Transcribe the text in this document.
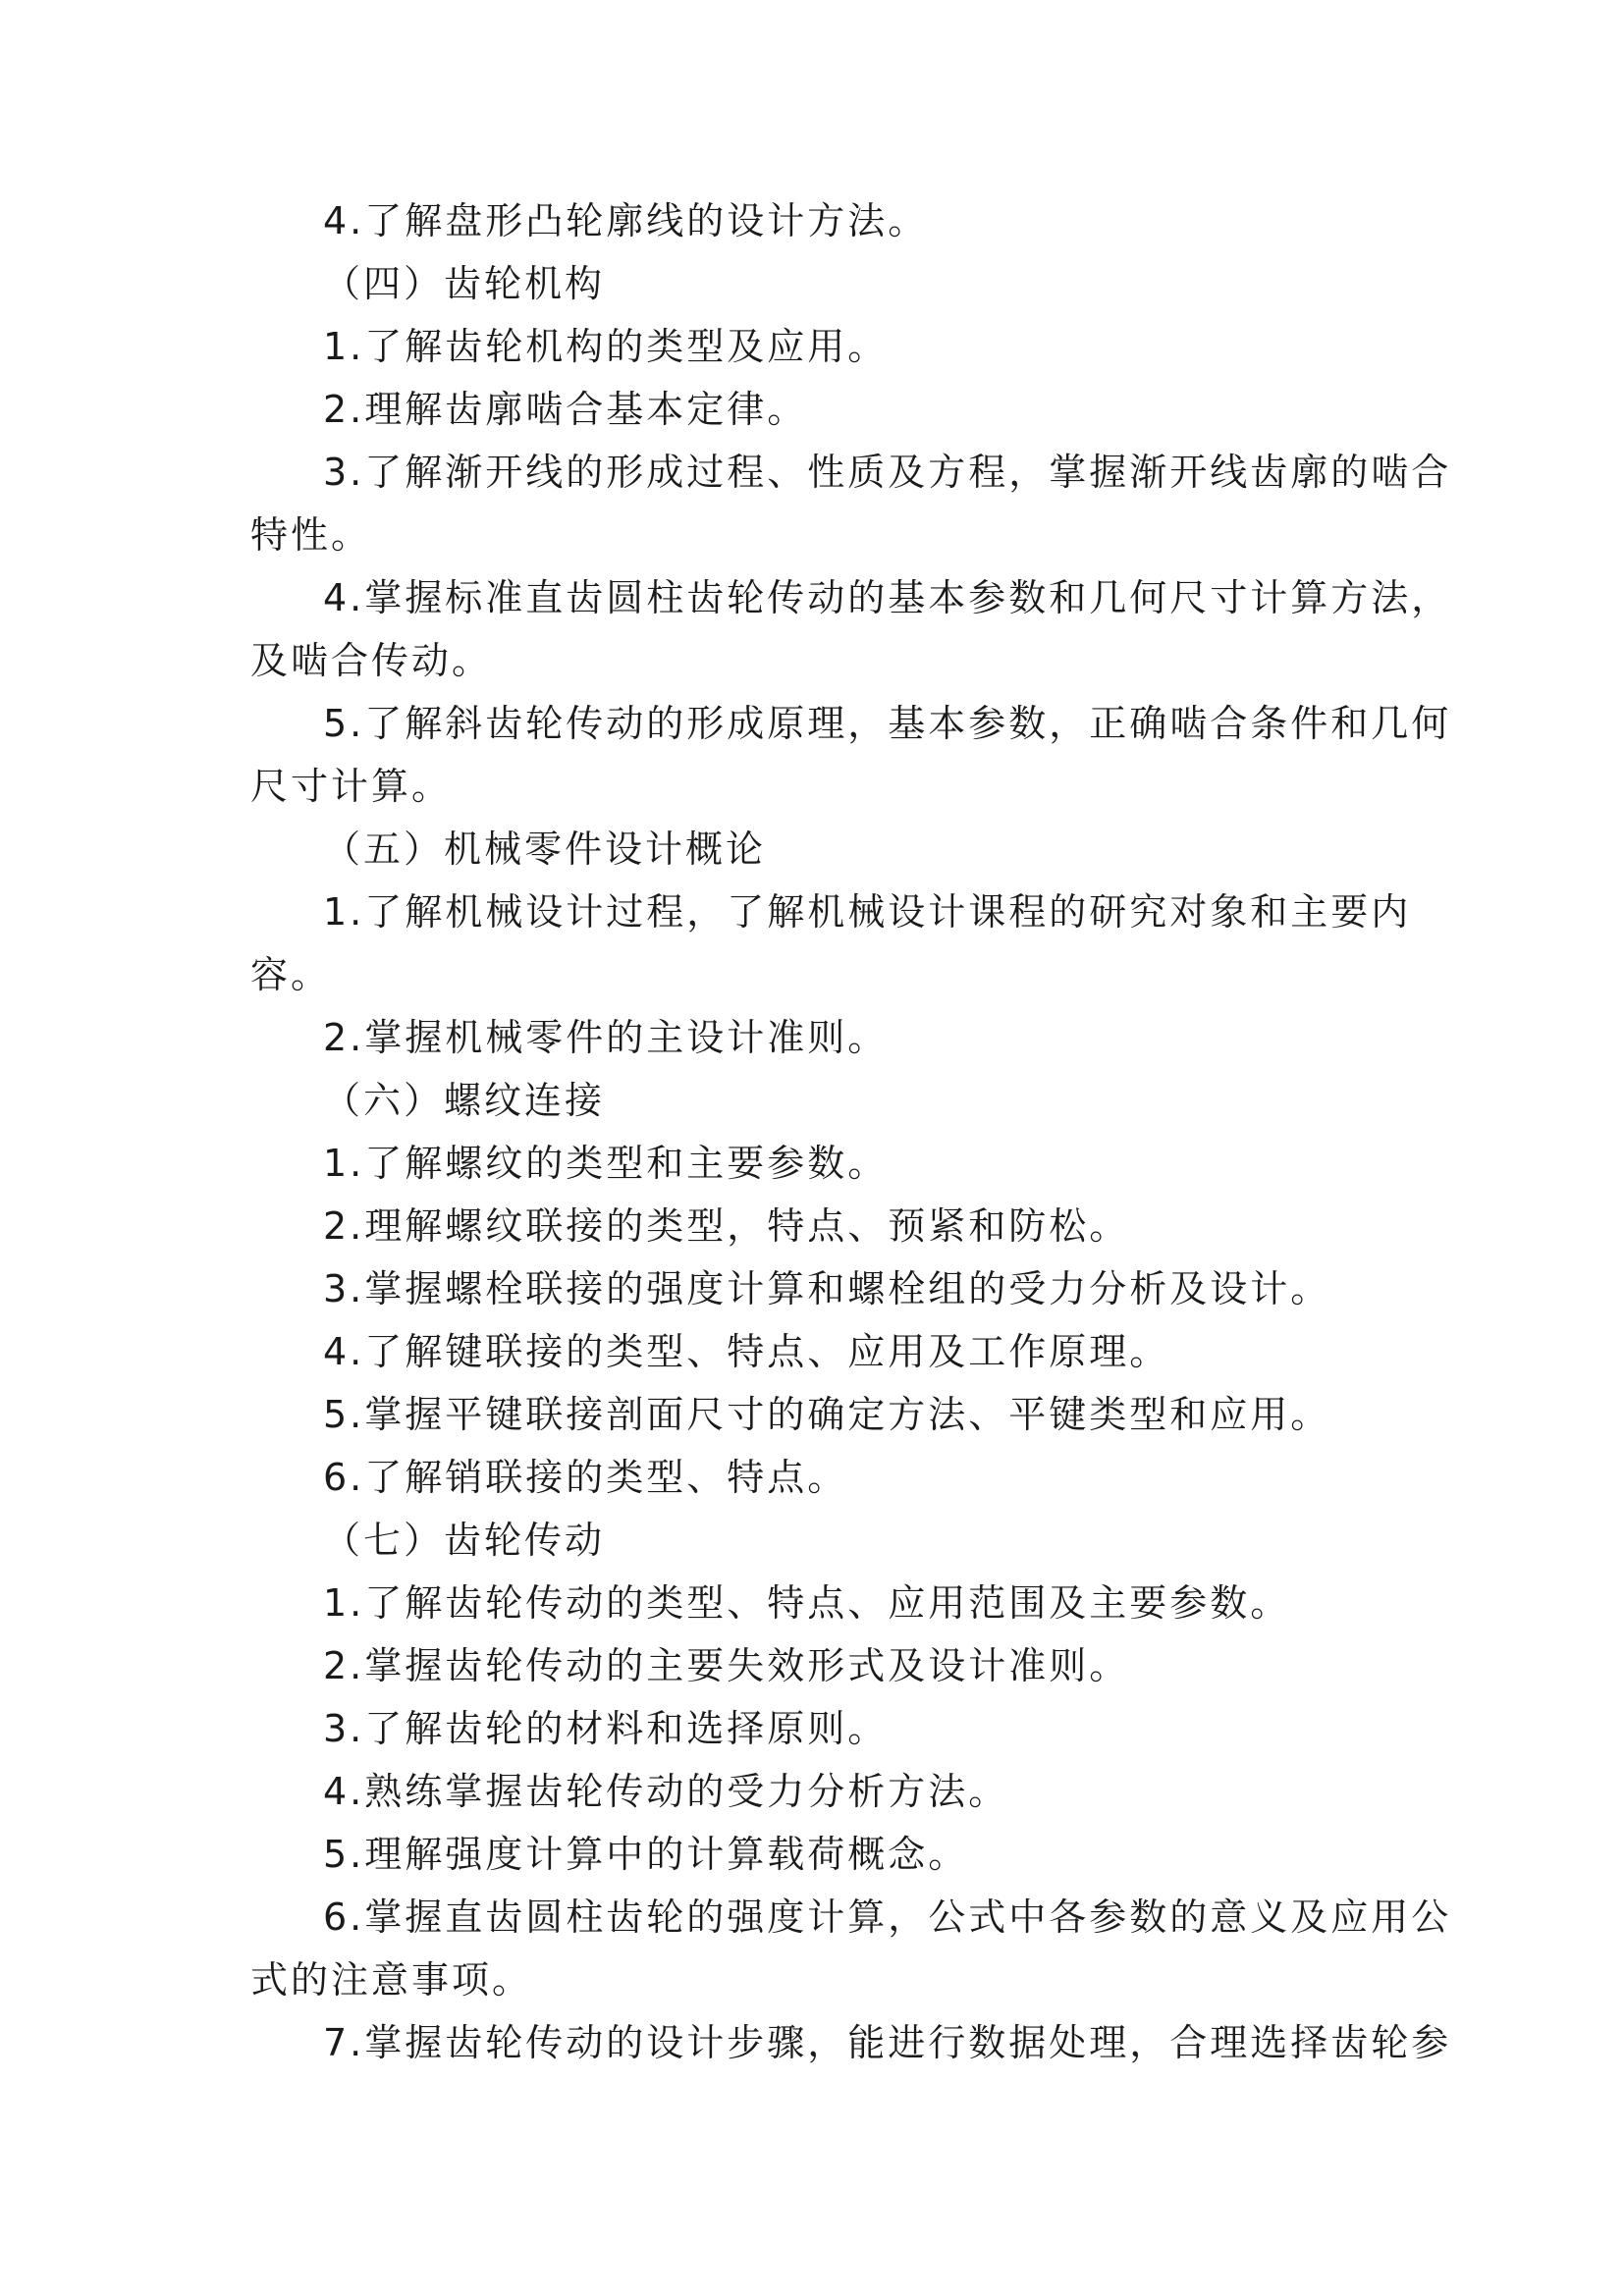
4.了解盘形凸轮廓线的设计方法。
（四）齿轮机构
1.了解齿轮机构的类型及应用。
2.理解齿廓啮合基本定律。
3.了解渐开线的形成过程、性质及方程，掌握渐开线齿廓的啮合
特性。
4.掌握标准直齿圆柱齿轮传动的基本参数和几何尺寸计算方法，
及啮合传动。
5.了解斜齿轮传动的形成原理，基本参数，正确啮合条件和几何
尺寸计算。
（五）机械零件设计概论
1.了解机械设计过程，了解机械设计课程的研究对象和主要内
容。
2.掌握机械零件的主设计准则。
（六）螺纹连接
1.了解螺纹的类型和主要参数。
2.理解螺纹联接的类型，特点、预紧和防松。
3.掌握螺栓联接的强度计算和螺栓组的受力分析及设计。
4.了解键联接的类型、特点、应用及工作原理。
5.掌握平键联接剖面尺寸的确定方法、平键类型和应用。
6.了解销联接的类型、特点。
（七）齿轮传动
1.了解齿轮传动的类型、特点、应用范围及主要参数。
2.掌握齿轮传动的主要失效形式及设计准则。
3.了解齿轮的材料和选择原则。
4.熟练掌握齿轮传动的受力分析方法。
5.理解强度计算中的计算载荷概念。
6.掌握直齿圆柱齿轮的强度计算，公式中各参数的意义及应用公
式的注意事项。
7.掌握齿轮传动的设计步骤，能进行数据处理，合理选择齿轮参
